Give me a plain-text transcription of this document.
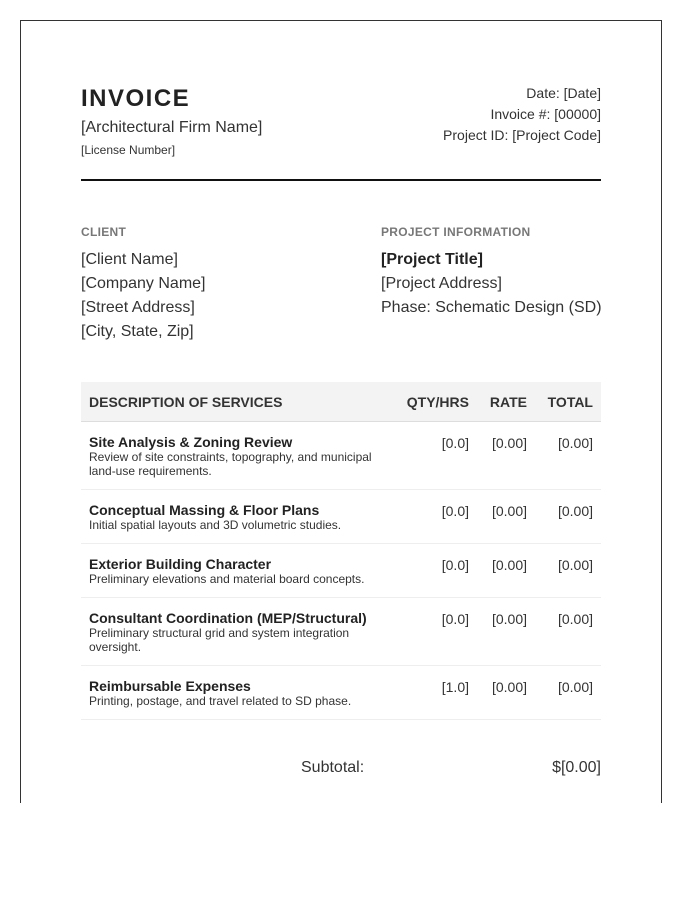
INVOICE
[Architectural Firm Name]
[License Number]
Date: [Date]
Invoice #: [00000]
Project ID: [Project Code]
CLIENT
[Client Name]
[Company Name]
[Street Address]
[City, State, Zip]
PROJECT INFORMATION
[Project Title]
[Project Address]
Phase: Schematic Design (SD)
DESCRIPTION OF SERVICES	QTY/HRS RATE TOTAL
Site Analysis & Zoning Review
Review of site constraints, topography, and municipal land-use requirements.
[0.0] [0.00] [0.00]
Conceptual Massing & Floor Plans
Initial spatial layouts and 3D volumetric studies.
[0.0] [0.00] [0.00]
Exterior Building Character
Preliminary elevations and material board concepts.
[0.0] [0.00] [0.00]
Consultant Coordination (MEP/Structural)
Preliminary structural grid and system integration oversight.
[0.0] [0.00] [0.00]
Reimbursable Expenses
Printing, postage, and travel related to SD phase.
[1.0] [0.00] [0.00]
Subtotal:	$[0.00]
